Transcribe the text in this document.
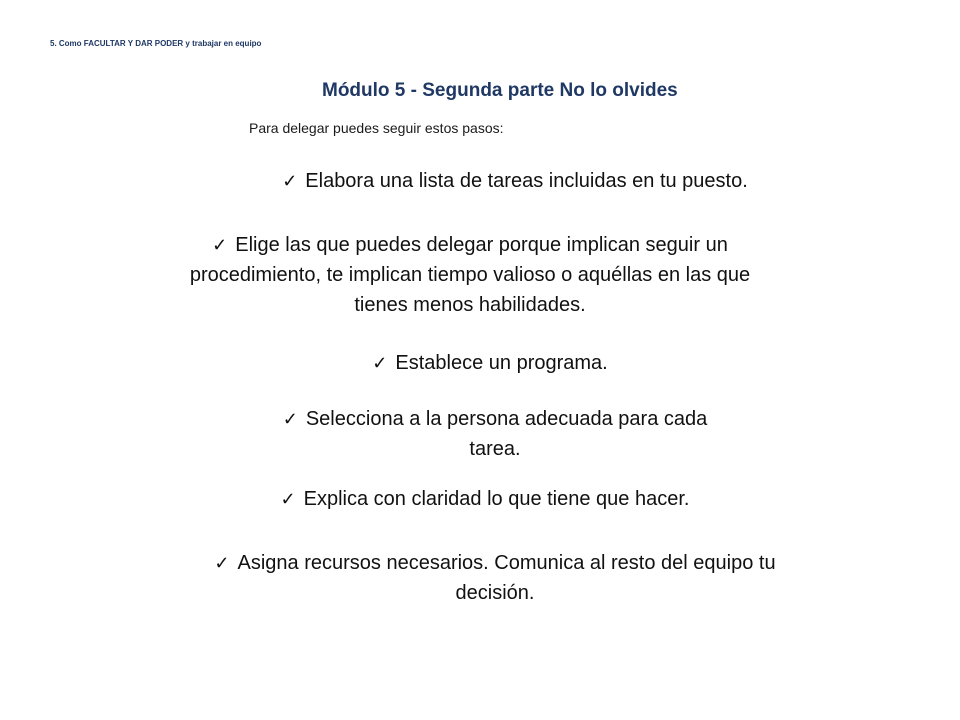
5. Como FACULTAR Y DAR PODER y trabajar en equipo
Módulo 5 - Segunda parte No lo olvides
Para delegar puedes seguir estos pasos:
✓ Elabora una lista de tareas incluidas en tu puesto.
✓ Elige las que puedes delegar porque implican seguir un procedimiento, te implican tiempo valioso o aquéllas en las que tienes menos habilidades.
✓ Establece un programa.
✓ Selecciona a la persona adecuada para cada tarea.
✓ Explica con claridad lo que tiene que hacer.
✓ Asigna recursos necesarios. Comunica al resto del equipo tu decisión.
